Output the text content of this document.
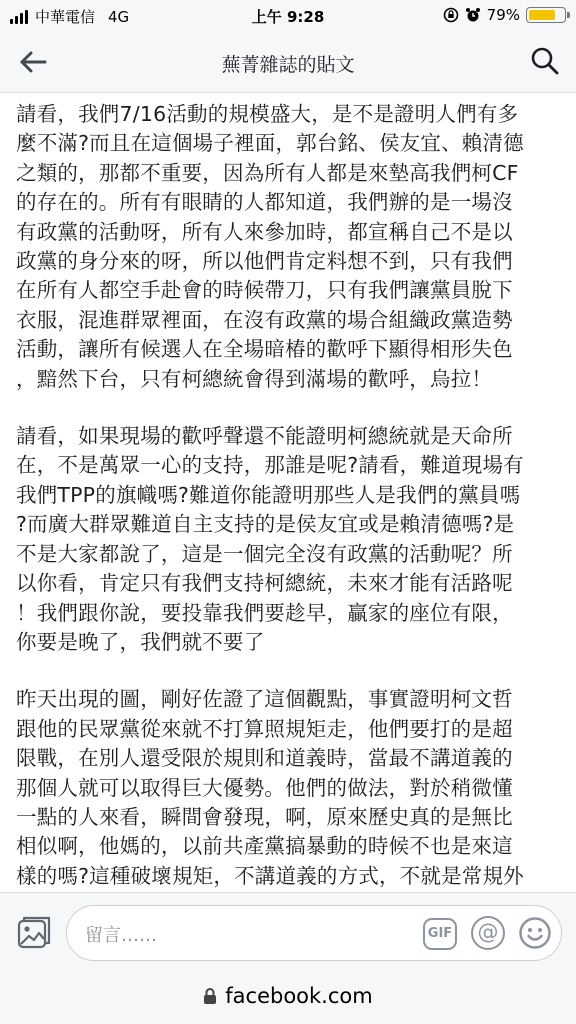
中華電信 4G	上午 9:28	79%
蕪菁雜誌的貼文
請看，我們7/16活動的規模盛大，是不是證明人們有多
麼不滿?而且在這個場子裡面，郭台銘、侯友宜、賴清德
之類的，那都不重要，因為所有人都是來墊高我們柯CF
的存在的。所有有眼睛的人都知道，我們辦的是一場沒
有政黨的活動呀，所有人來參加時，都宣稱自己不是以
政黨的身分來的呀，所以他們肯定料想不到，只有我們
在所有人都空手赴會的時候帶刀，只有我們讓黨員脫下
衣服，混進群眾裡面，在沒有政黨的場合組織政黨造勢
活動，讓所有候選人在全場暗椿的歡呼下顯得相形失色
，黯然下台，只有柯總統會得到滿場的歡呼，烏拉！
請看，如果現場的歡呼聲還不能證明柯總統就是天命所
在，不是萬眾一心的支持，那誰是呢?請看，難道現場有
我們TPP的旗幟嗎?難道你能證明那些人是我們的黨員嗎
?而廣大群眾難道自主支持的是侯友宜或是賴清德嗎?是
不是大家都說了，這是一個完全沒有政黨的活動呢？所
以你看，肯定只有我們支持柯總統，未來才能有活路呢
！我們跟你說，要投靠我們要趁早，贏家的座位有限，
你要是晚了，我們就不要了
昨天出現的圖，剛好佐證了這個觀點，事實證明柯文哲
跟他的民眾黨從來就不打算照規矩走，他們要打的是超
限戰，在別人還受限於規則和道義時，當最不講道義的
那個人就可以取得巨大優勢。他們的做法，對於稍微懂
一點的人來看，瞬間會發現，啊，原來歷史真的是無比
相似啊，他媽的，以前共產黨搞暴動的時候不也是來這
樣的嗎?這種破壞規矩，不講道義的方式，不就是常規外
留言……	GIF	@
facebook.com
